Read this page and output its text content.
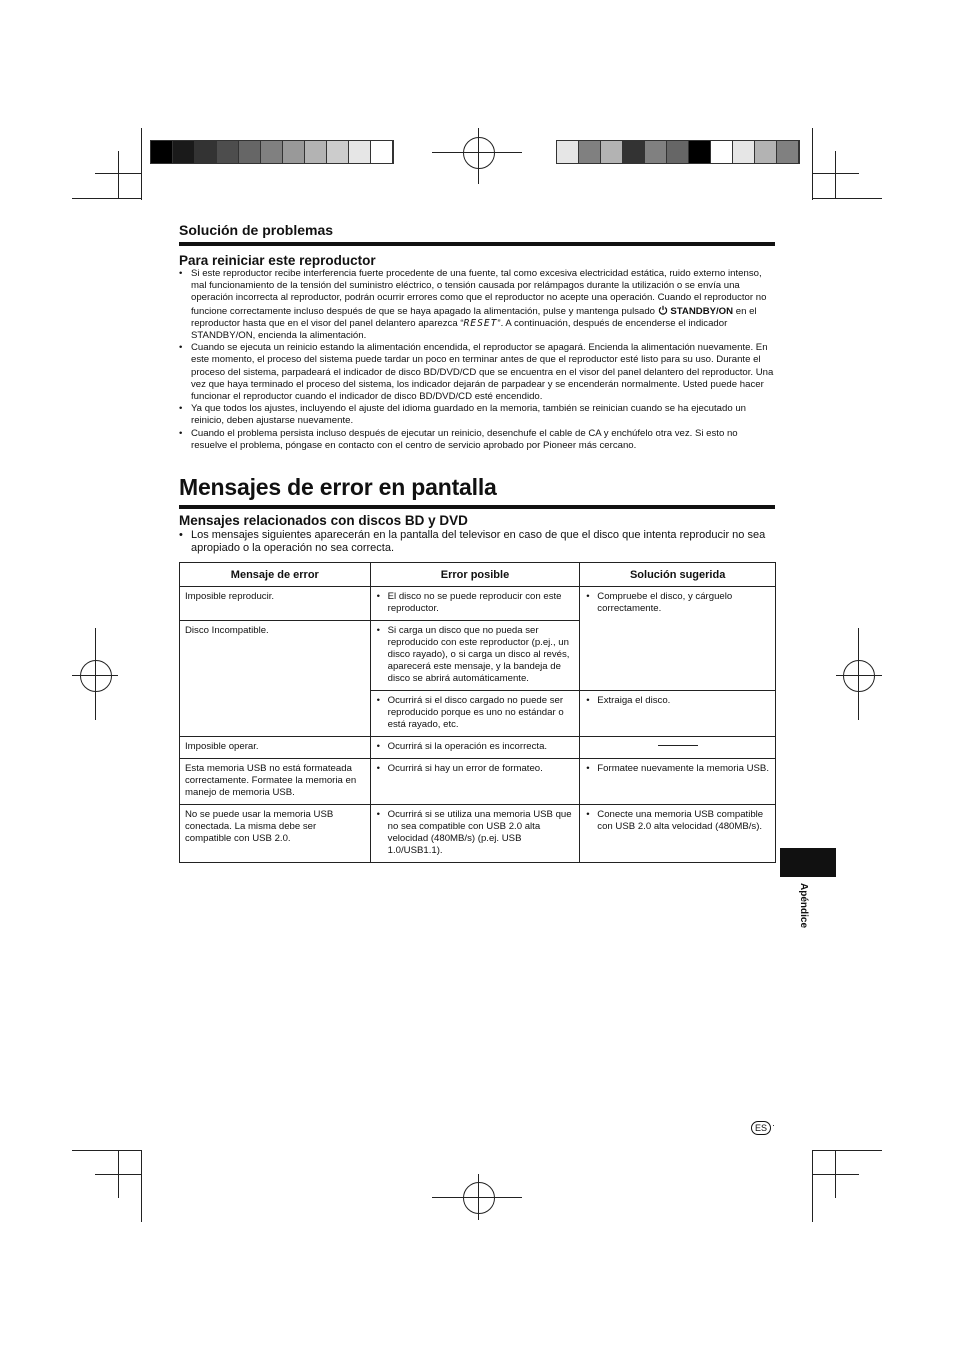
Solución de problemas
Para reiniciar este reproductor
• Si este reproductor recibe interferencia fuerte procedente de una fuente, tal como excesiva electricidad estática, ruido externo intenso, mal funcionamiento de la tensión del suministro eléctrico, o tensión causada por relámpagos durante la utilización o se envía una operación incorrecta al reproductor, podrán ocurrir errores como que el reproductor no acepte una operación. Cuando el reproductor no funcione correctamente incluso después de que se haya apagado la alimentación, pulse y mantenga pulsado STANDBY/ON en el reproductor hasta que en el visor del panel delantero aparezca “RESET”. A continuación, después de encenderse el indicador STANDBY/ON, encienda la alimentación.
• Cuando se ejecuta un reinicio estando la alimentación encendida, el reproductor se apagará. Encienda la alimentación nuevamente. En este momento, el proceso del sistema puede tardar un poco en terminar antes de que el reproductor esté listo para su uso. Durante el proceso del sistema, parpadeará el indicador de disco BD/DVD/CD que se encuentra en el visor del panel delantero del reproductor. Una vez que haya terminado el proceso del sistema, los indicador dejarán de parpadear y se encenderán normalmente. Usted puede hacer funcionar el reproductor cuando el indicador de disco BD/DVD/CD esté encendido.
• Ya que todos los ajustes, incluyendo el ajuste del idioma guardado en la memoria, también se reinician cuando se ha ejecutado un reinicio, deben ajustarse nuevamente.
• Cuando el problema persista incluso después de ejecutar un reinicio, desenchufe el cable de CA y enchúfelo otra vez. Si esto no resuelve el problema, póngase en contacto con el centro de servicio aprobado por Pioneer más cercano.
Mensajes de error en pantalla
Mensajes relacionados con discos BD y DVD
• Los mensajes siguientes aparecerán en la pantalla del televisor en caso de que el disco que intenta reproducir no sea apropiado o la operación no sea correcta.
Mensaje de error	Error posible	Solución sugerida
Imposible reproducir.	• El disco no se puede reproducir con este reproductor.	• Compruebe el disco, y cárguelo correctamente.

Disco Incompatible.	• Si carga un disco que no pueda ser reproducido con este reproductor (p.ej., un disco rayado), o si carga un disco al revés, aparecerá este mensaje, y la bandeja de disco se abrirá automáticamente.

	• Ocurrirá si el disco cargado no puede ser reproducido porque es uno no estándar o está rayado, etc.	• Extraiga el disco.

Imposible operar.	• Ocurrirá si la operación es incorrecta.

Esta memoria USB no está formateada correctamente. Formatee la memoria en manejo de memoria USB.	• Ocurrirá si hay un error de formateo.	• Formatee nuevamente la memoria USB.

No se puede usar la memoria USB conectada. La misma debe ser compatible con USB 2.0.	• Ocurrirá si se utiliza una memoria USB que no sea compatible con USB 2.0 alta velocidad (480MB/s) (p.ej. USB 1.0/USB1.1).	• Conecte una memoria USB compatible con USB 2.0 alta velocidad (480MB/s).
Apéndice
ES ·
